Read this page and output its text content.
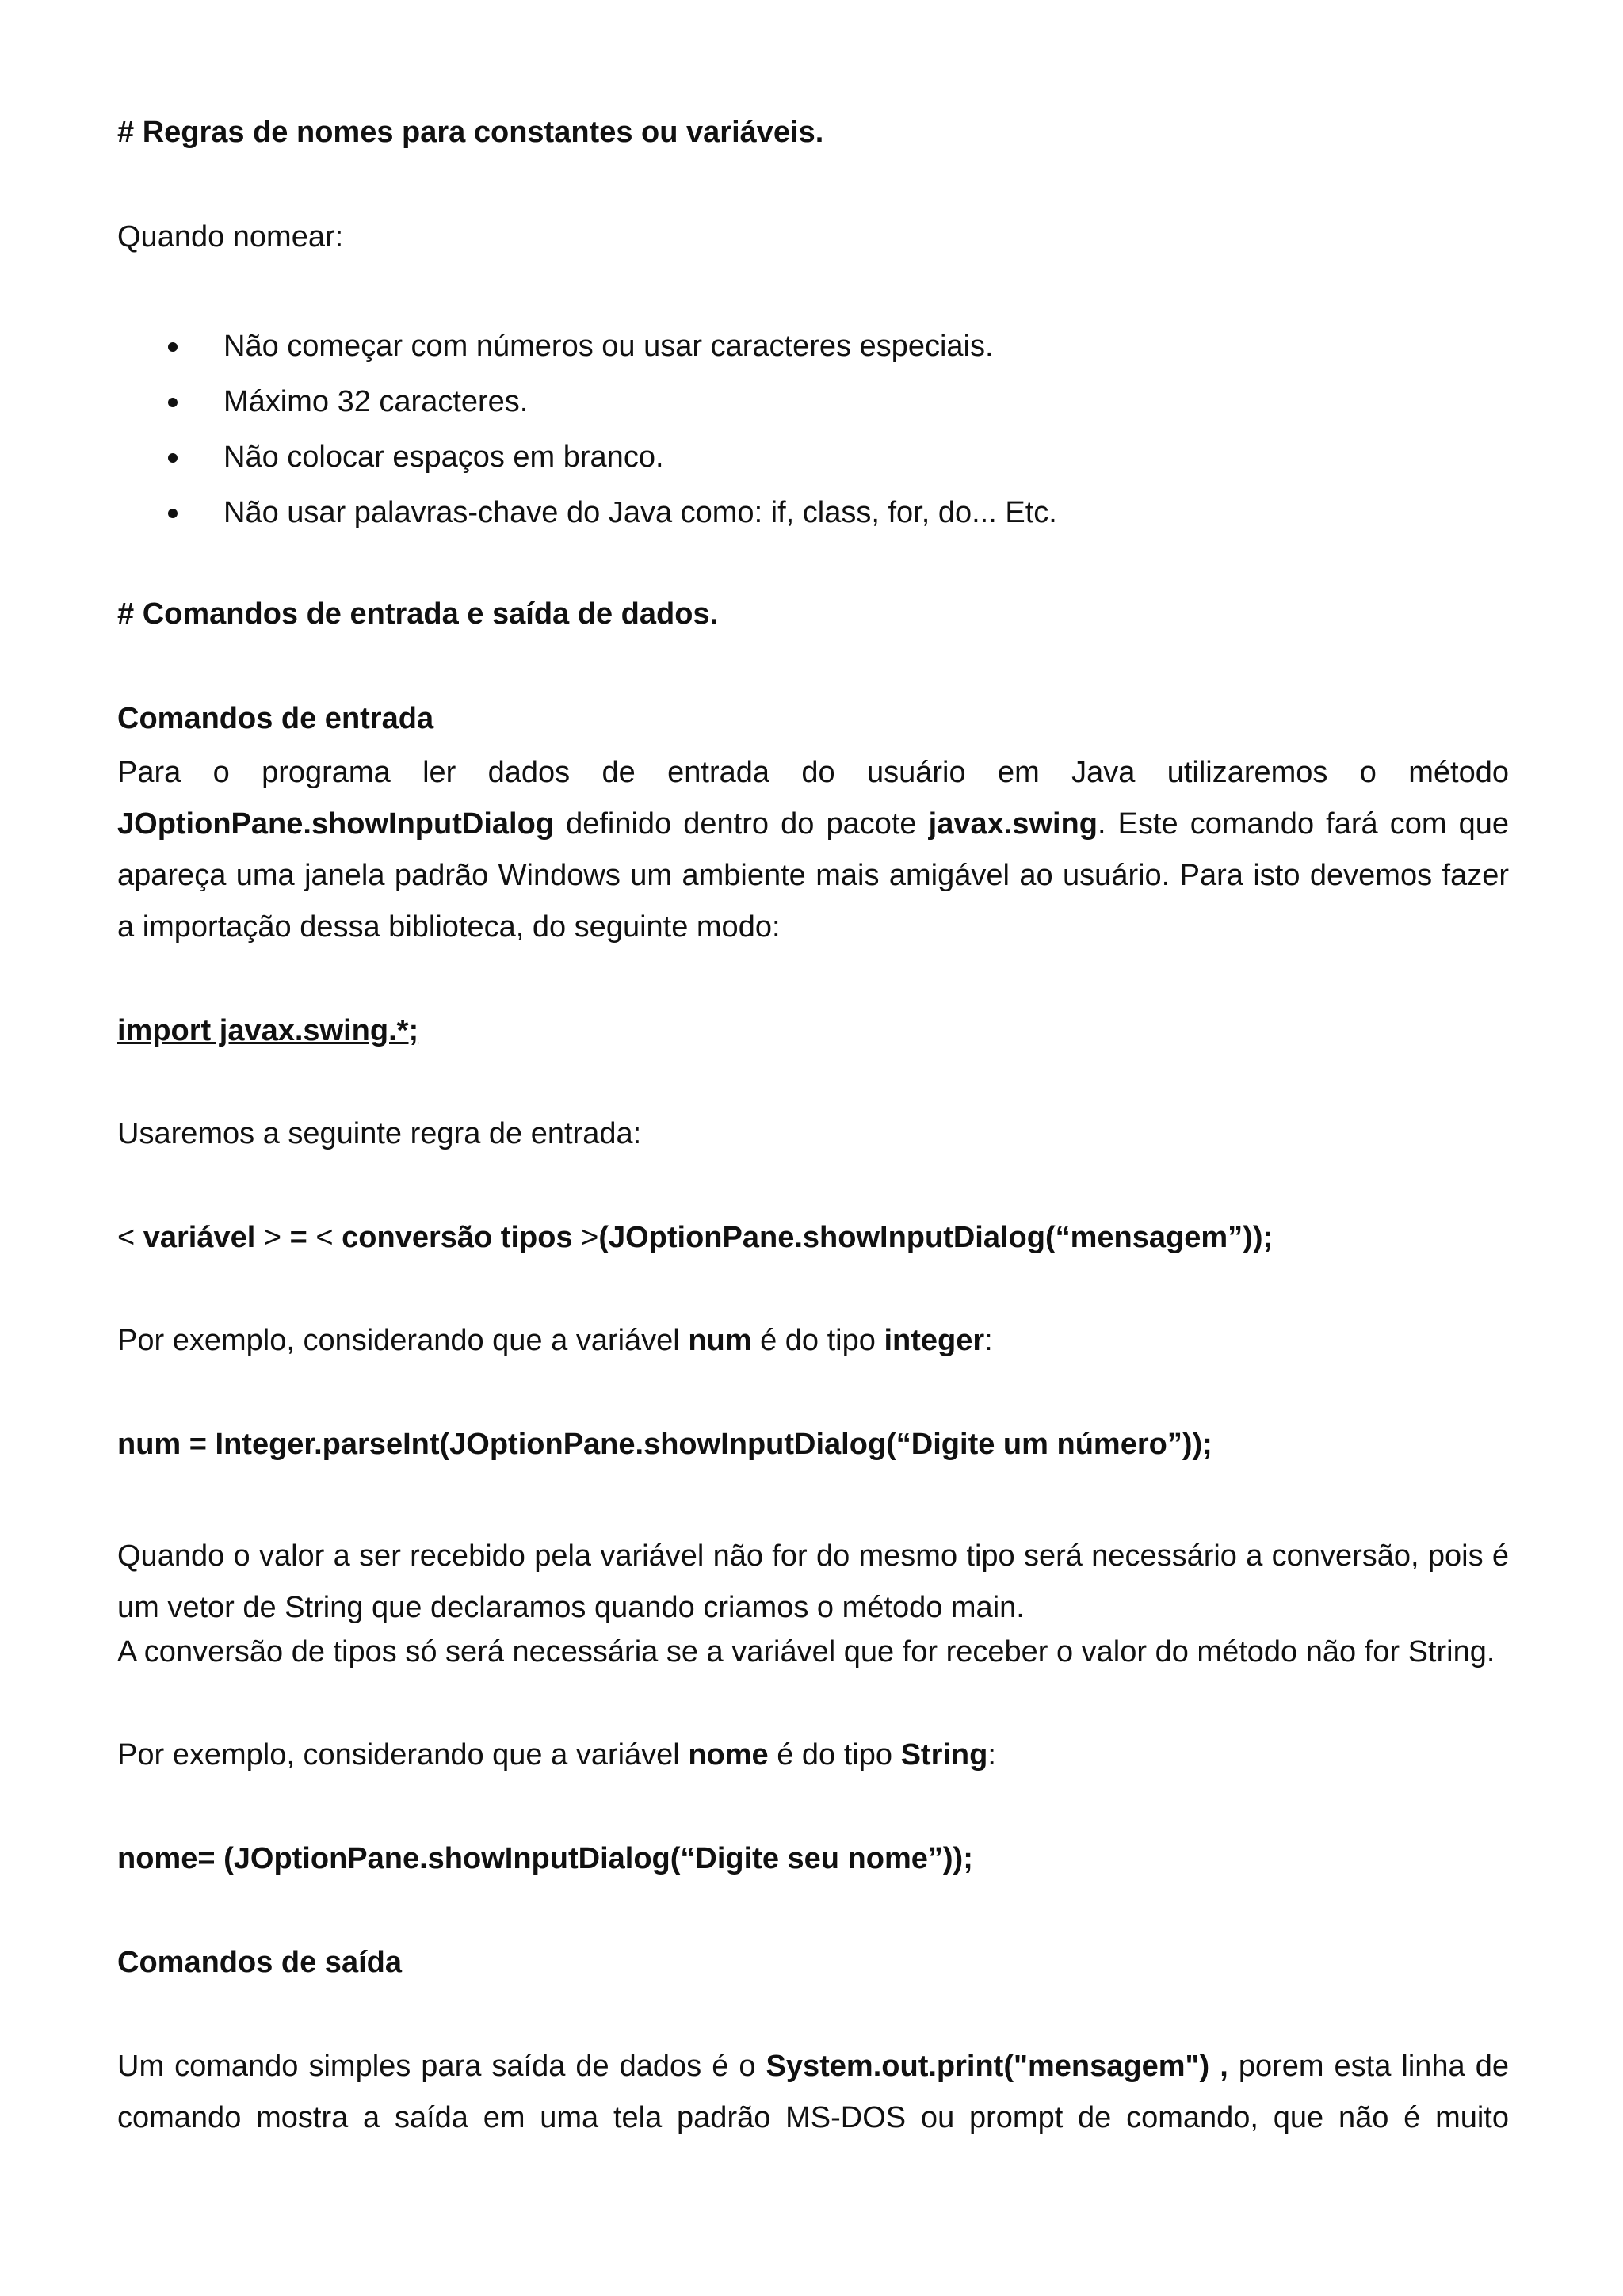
# Regras de nomes para constantes ou variáveis.

Quando nomear:

Não começar com números ou usar caracteres especiais.
Máximo 32 caracteres.
Não colocar espaços em branco.
Não usar palavras-chave do Java como: if, class, for, do... Etc.

# Comandos de entrada e saída de dados.

Comandos de entrada

Para o programa ler dados de entrada do usuário em Java utilizaremos o método JOptionPane.showInputDialog definido dentro do pacote javax.swing. Este comando fará com que apareça uma janela padrão Windows um ambiente mais amigável ao usuário. Para isto devemos fazer a importação dessa biblioteca, do seguinte modo:

import javax.swing.*;

Usaremos a seguinte regra de entrada:

< variável > = < conversão tipos >(JOptionPane.showInputDialog(“mensagem”));

Por exemplo, considerando que a variável num é do tipo integer:

num = Integer.parseInt(JOptionPane.showInputDialog(“Digite um número”));

Quando o valor a ser recebido pela variável não for do mesmo tipo será necessário a conversão, pois é um vetor de String que declaramos quando criamos o método main.

A conversão de tipos só será necessária se a variável que for receber o valor do método não for String.

Por exemplo, considerando que a variável nome é do tipo String:

nome= (JOptionPane.showInputDialog(“Digite seu nome”));

Comandos de saída

Um comando simples para saída de dados é o System.out.print("mensagem") , porem esta linha de comando mostra a saída em uma tela padrão MS-DOS ou prompt de comando, que não é muito
